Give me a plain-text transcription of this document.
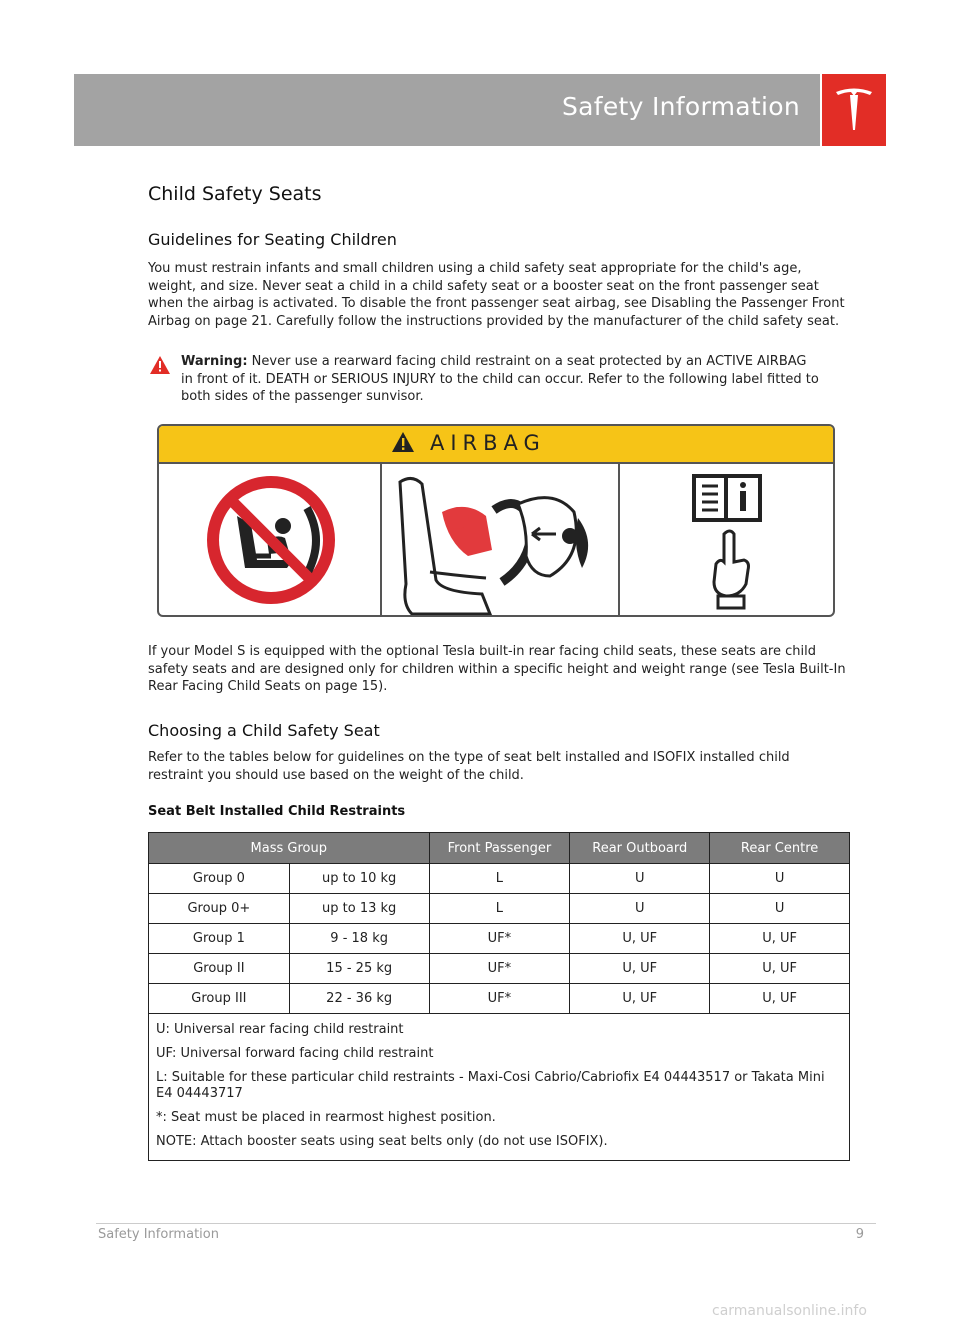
Safety Information
Child Safety Seats
Guidelines for Seating Children

You must restrain infants and small children using a child safety seat appropriate for the child's age, weight, and size. Never seat a child in a child safety seat or a booster seat on the front passenger seat when the airbag is activated. To disable the front passenger seat airbag, see Disabling the Passenger Front Airbag on page 21. Carefully follow the instructions provided by the manufacturer of the child safety seat.

Warning: Never use a rearward facing child restraint on a seat protected by an ACTIVE AIRBAG in front of it. DEATH or SERIOUS INJURY to the child can occur. Refer to the following label fitted to both sides of the passenger sunvisor.

AIRBAG

If your Model S is equipped with the optional Tesla built-in rear facing child seats, these seats are child safety seats and are designed only for children within a specific height and weight range (see Tesla Built-In Rear Facing Child Seats on page 15).

Choosing a Child Safety Seat

Refer to the tables below for guidelines on the type of seat belt installed and ISOFIX installed child restraint you should use based on the weight of the child.

Seat Belt Installed Child Restraints

Mass Group		Front Passenger	Rear Outboard	Rear Centre
Group 0	up to 10 kg	L	U	U
Group 0+	up to 13 kg	L	U	U
Group 1	9 - 18 kg	UF*	U, UF	U, UF
Group II	15 - 25 kg	UF*	U, UF	U, UF
Group III	22 - 36 kg	UF*	U, UF	U, UF

U: Universal rear facing child restraint

UF: Universal forward facing child restraint

L: Suitable for these particular child restraints - Maxi-Cosi Cabrio/Cabriofix E4 04443517 or Takata Mini E4 04443717

*: Seat must be placed in rearmost highest position.

NOTE: Attach booster seats using seat belts only (do not use ISOFIX).				

Safety Information	9
carmanualsonline.info
